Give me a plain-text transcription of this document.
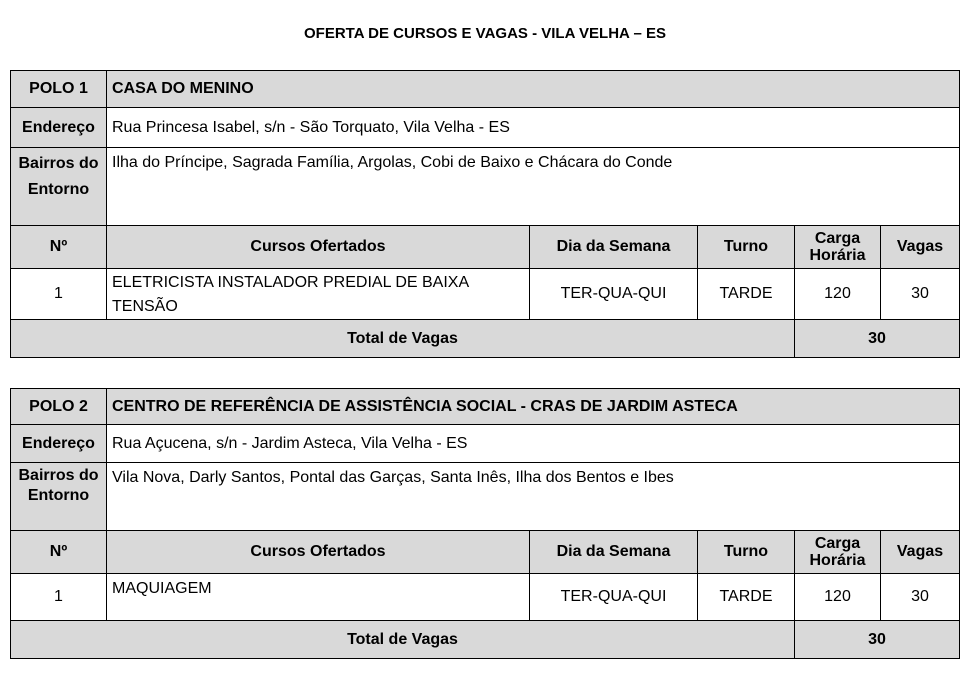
OFERTA DE CURSOS E VAGAS - VILA VELHA – ES
POLO 1	CASA DO MENINO				
Endereço	Rua Princesa Isabel, s/n - São Torquato, Vila Velha - ES				
Bairros do Entorno	Ilha do Príncipe, Sagrada Família, Argolas, Cobi de Baixo e Chácara do Conde				
Nº	Cursos Ofertados	Dia da Semana	Turno	Carga Horária	Vagas
1	ELETRICISTA INSTALADOR PREDIAL DE BAIXA TENSÃO	TER-QUA-QUI	TARDE	120	30
Total de Vagas				30	
POLO 2	CENTRO DE REFERÊNCIA DE ASSISTÊNCIA SOCIAL - CRAS DE JARDIM ASTECA				
Endereço	Rua Açucena, s/n - Jardim Asteca, Vila Velha - ES				
Bairros do Entorno	Vila Nova, Darly Santos, Pontal das Garças, Santa Inês, Ilha dos Bentos e Ibes				
Nº	Cursos Ofertados	Dia da Semana	Turno	Carga Horária	Vagas
1	MAQUIAGEM	TER-QUA-QUI	TARDE	120	30
Total de Vagas				30	
